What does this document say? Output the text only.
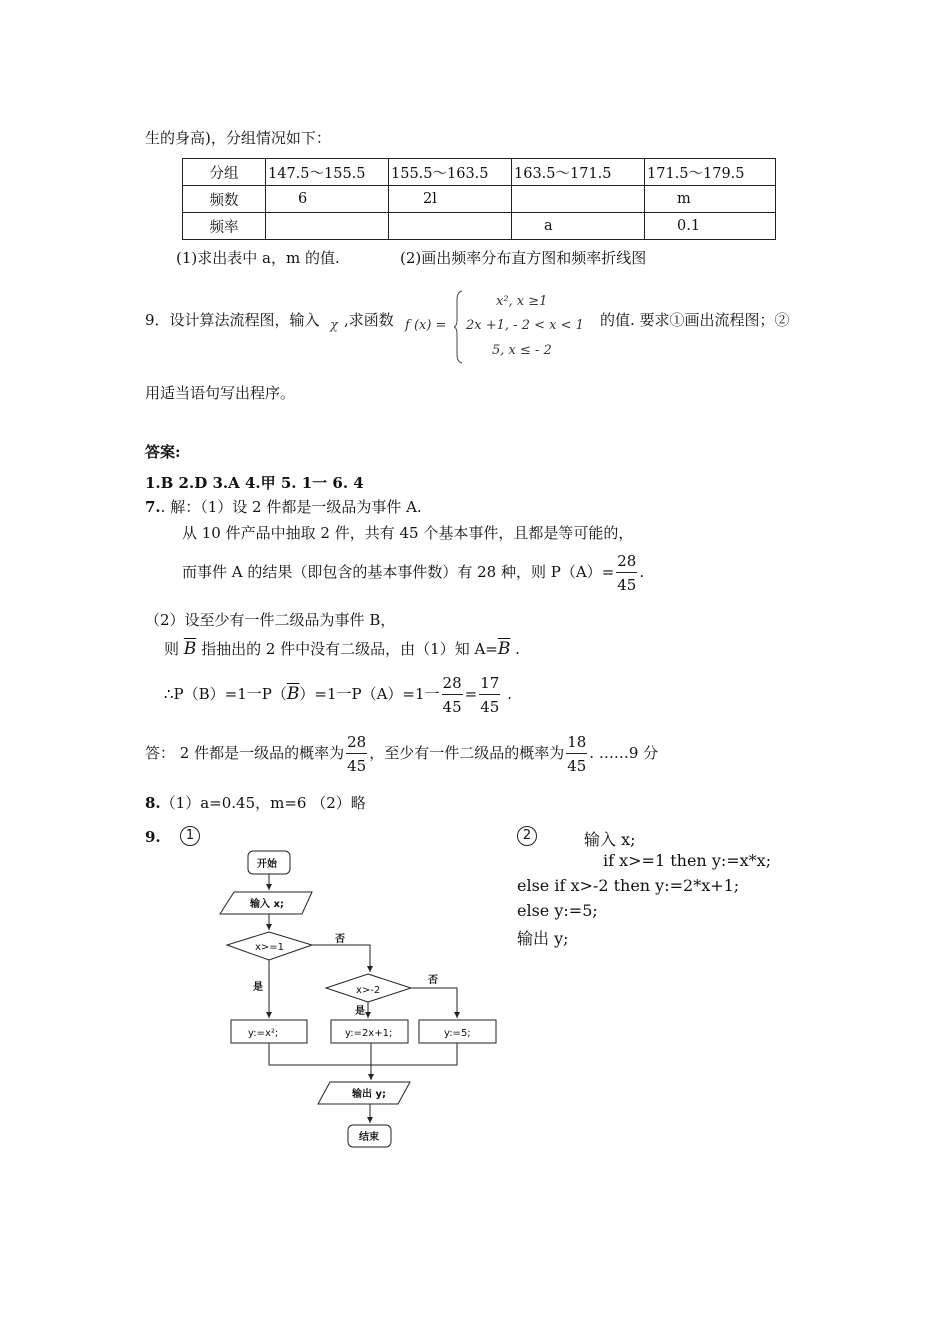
生的身高)，分组情况如下：
分组	147.5～155.5	155.5～163.5	163.5～171.5	171.5～179.5
频数	6	2l		m
频率			a	0.1
(1)求出表中 a，m 的值.	(2)画出频率分布直方图和频率折线图
9．设计算法流程图，输入 χ ,求函数 f (x) =
x², x ≥1
2x +1, - 2 < x < 1
5, x ≤ - 2
的值. 要求①画出流程图；②
用适当语句写出程序。
答案:
1.B 2.D 3.A 4.甲 5. 1一 6. 4
7.. 解：（1）设 2 件都是一级品为事件 A.
从 10 件产品中抽取 2 件，共有 45 个基本事件，且都是等可能的，
而事件 A 的结果（即包含的基本事件数）有 28 种，则 $P(A)= \frac{28}{45}$ .
（2）设至少有一件二级品为事件 B，
则 $\overline{B}$ 指抽出的 2 件中没有二级品，由（1）知 $A=\overline{B}$ .
∴P（B）=1一$P(\overline{B})=1$一P（A）=1一 $\frac{28}{45} = \frac{17}{45}$ .
答： 2 件都是一级品的概率为 $\frac{28}{45}$ ，至少有一件二级品的概率为 $\frac{18}{45}$ . ……9 分
8.（1）a=0.45，m=6 （2）略
9.	1	2	输入 x;
if x>=1 then y:=x*x;
else if x>-2 then y:=2*x+1;
else y:=5;
输出 y;
开始
输入 x;
x>=1
否
是	x>-2
否
是
y:=x²;	y:=2x+1;	y:=5;
输出 y;
结束
